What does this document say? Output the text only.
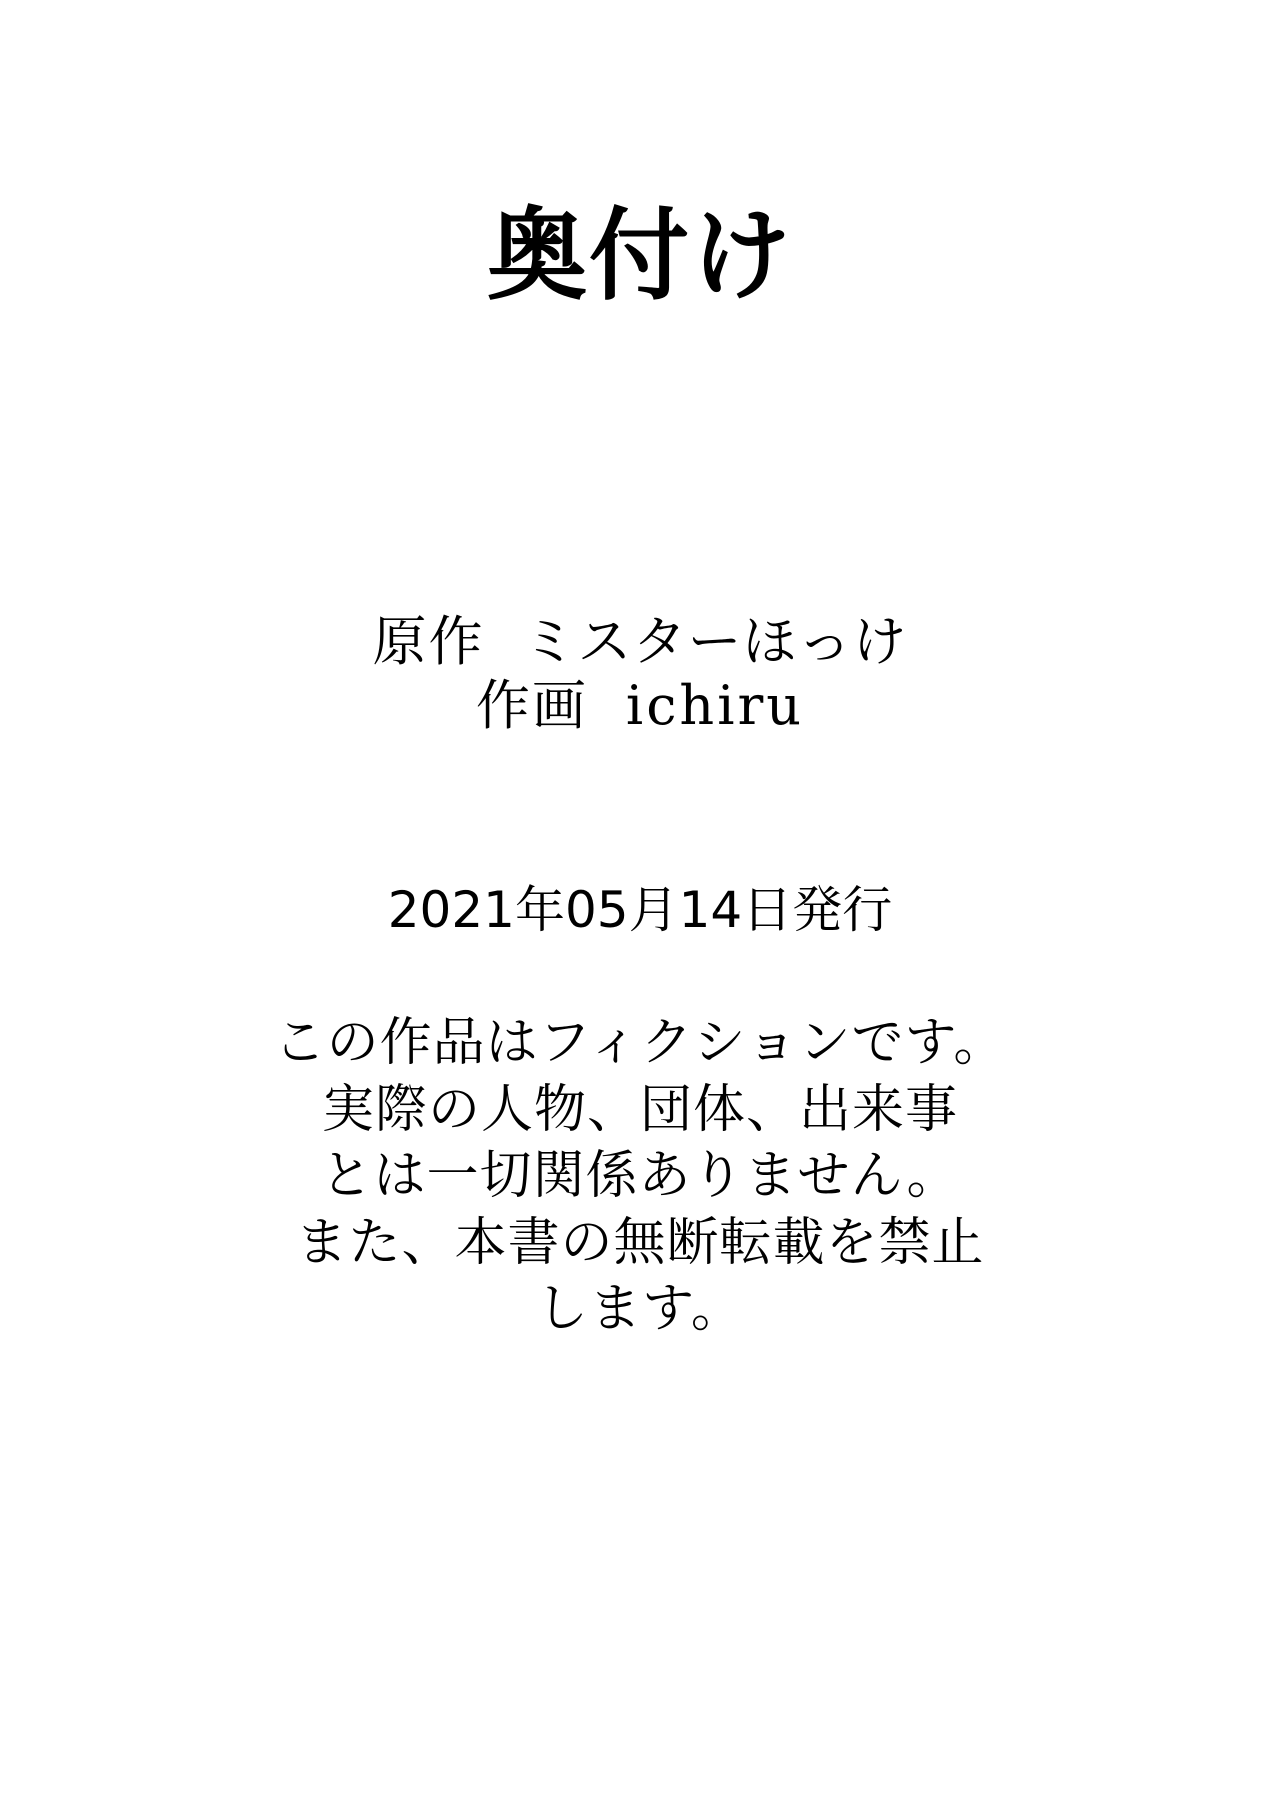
奥付け
原作 ミスターほっけ
作画 ichiru
2021年05月14日発行
この作品はフィクションです。
実際の人物、団体、出来事
とは一切関係ありません。
また、本書の無断転載を禁止
します。
